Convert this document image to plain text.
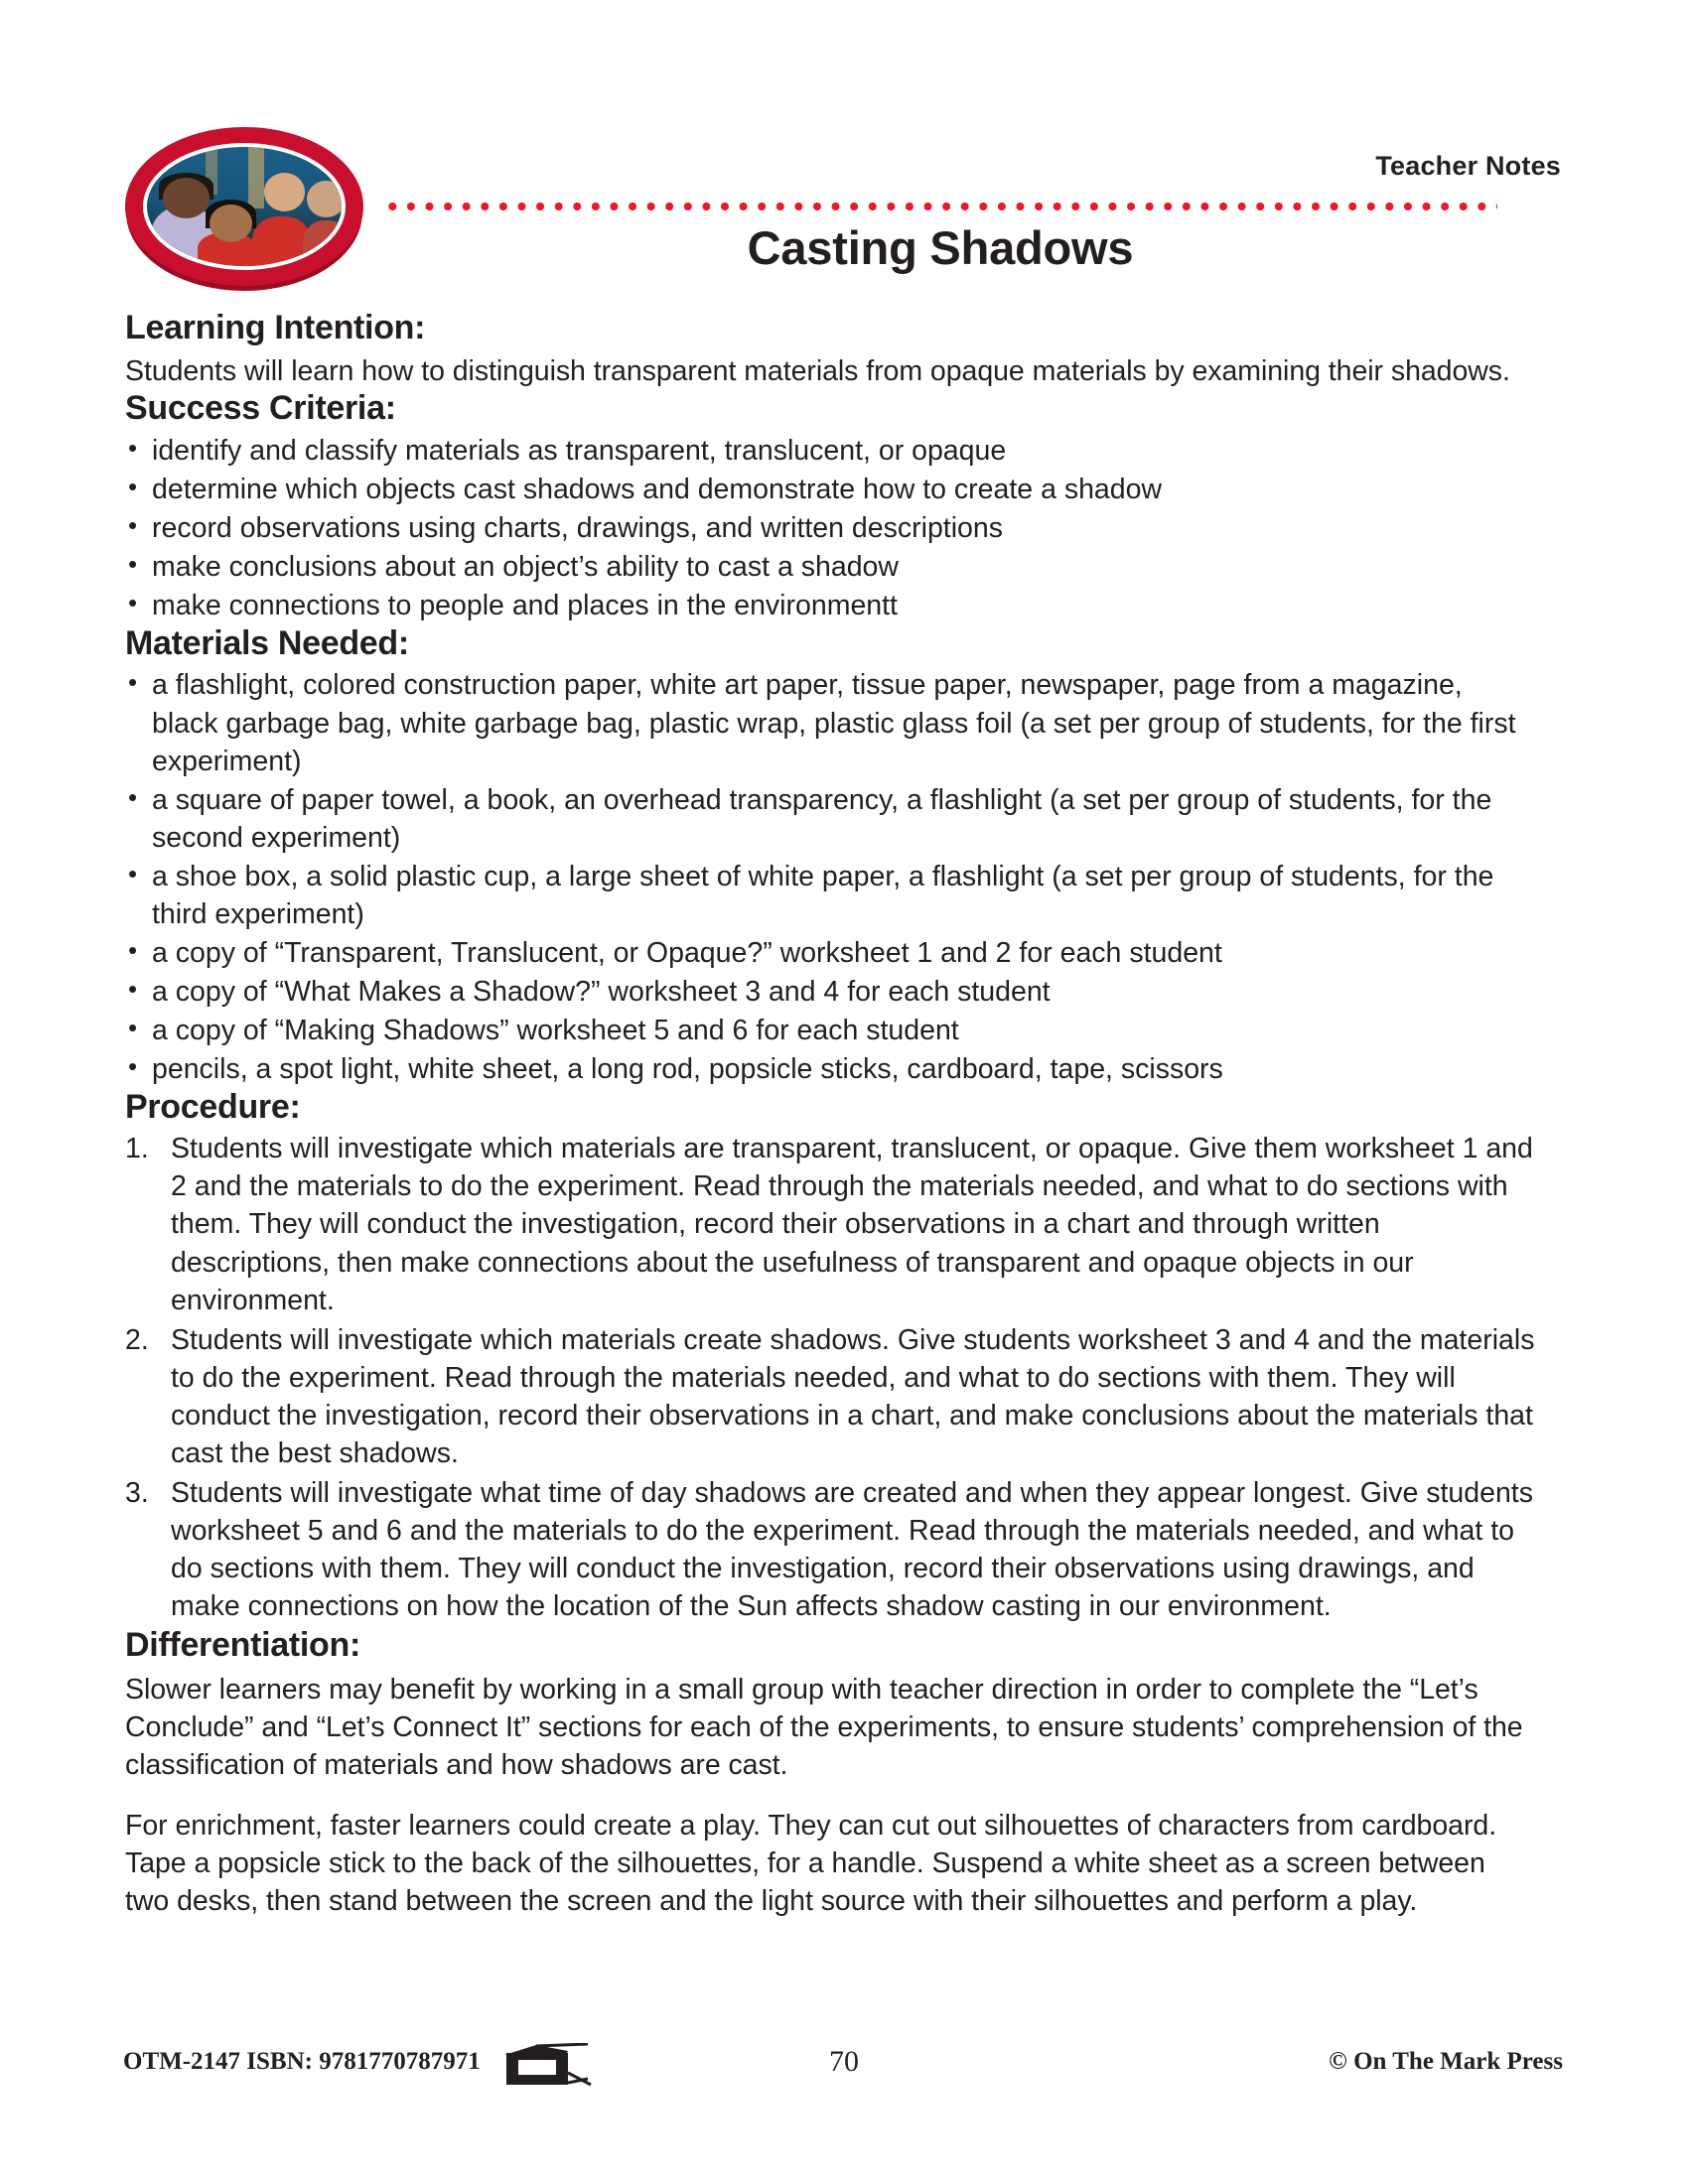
Teacher Notes
Casting Shadows
Learning Intention:

Students will learn how to distinguish transparent materials from opaque materials by examining their shadows.

Success Criteria:
• identify and classify materials as transparent, translucent, or opaque
• determine which objects cast shadows and demonstrate how to create a shadow
• record observations using charts, drawings, and written descriptions
• make conclusions about an object’s ability to cast a shadow
• make connections to people and places in the environmentt
Materials Needed:
• a flashlight, colored construction paper, white art paper, tissue paper, newspaper, page from a magazine, black garbage bag, white garbage bag, plastic wrap, plastic glass foil (a set per group of students, for the first experiment)
• a square of paper towel, a book, an overhead transparency, a flashlight (a set per group of students, for the second experiment)
• a shoe box, a solid plastic cup, a large sheet of white paper, a flashlight (a set per group of students, for the third experiment)
• a copy of “Transparent, Translucent, or Opaque?” worksheet 1 and 2 for each student
• a copy of “What Makes a Shadow?” worksheet 3 and 4 for each student
• a copy of “Making Shadows” worksheet 5 and 6 for each student
• pencils, a spot light, white sheet, a long rod, popsicle sticks, cardboard, tape, scissors
Procedure:
Students will investigate which materials are transparent, translucent, or opaque. Give them worksheet 1 and 2 and the materials to do the experiment. Read through the materials needed, and what to do sections with them. They will conduct the investigation, record their observations in a chart and through written descriptions, then make connections about the usefulness of transparent and opaque objects in our environment.
Students will investigate which materials create shadows. Give students worksheet 3 and 4 and the materials to do the experiment. Read through the materials needed, and what to do sections with them. They will conduct the investigation, record their observations in a chart, and make conclusions about the materials that cast the best shadows.
Students will investigate what time of day shadows are created and when they appear longest. Give students worksheet 5 and 6 and the materials to do the experiment. Read through the materials needed, and what to do sections with them. They will conduct the investigation, record their observations using drawings, and make connections on how the location of the Sun affects shadow casting in our environment.
Differentiation:

Slower learners may benefit by working in a small group with teacher direction in order to complete the “Let’s Conclude” and “Let’s Connect It” sections for each of the experiments, to ensure students’ comprehension of the classification of materials and how shadows are cast.

For enrichment, faster learners could create a play. They can cut out silhouettes of characters from cardboard. Tape a popsicle stick to the back of the silhouettes, for a handle. Suspend a white sheet as a screen between two desks, then stand between the screen and the light source with their silhouettes and perform a play.

OTM-2147 ISBN: 9781770787971	70	© On The Mark Press
